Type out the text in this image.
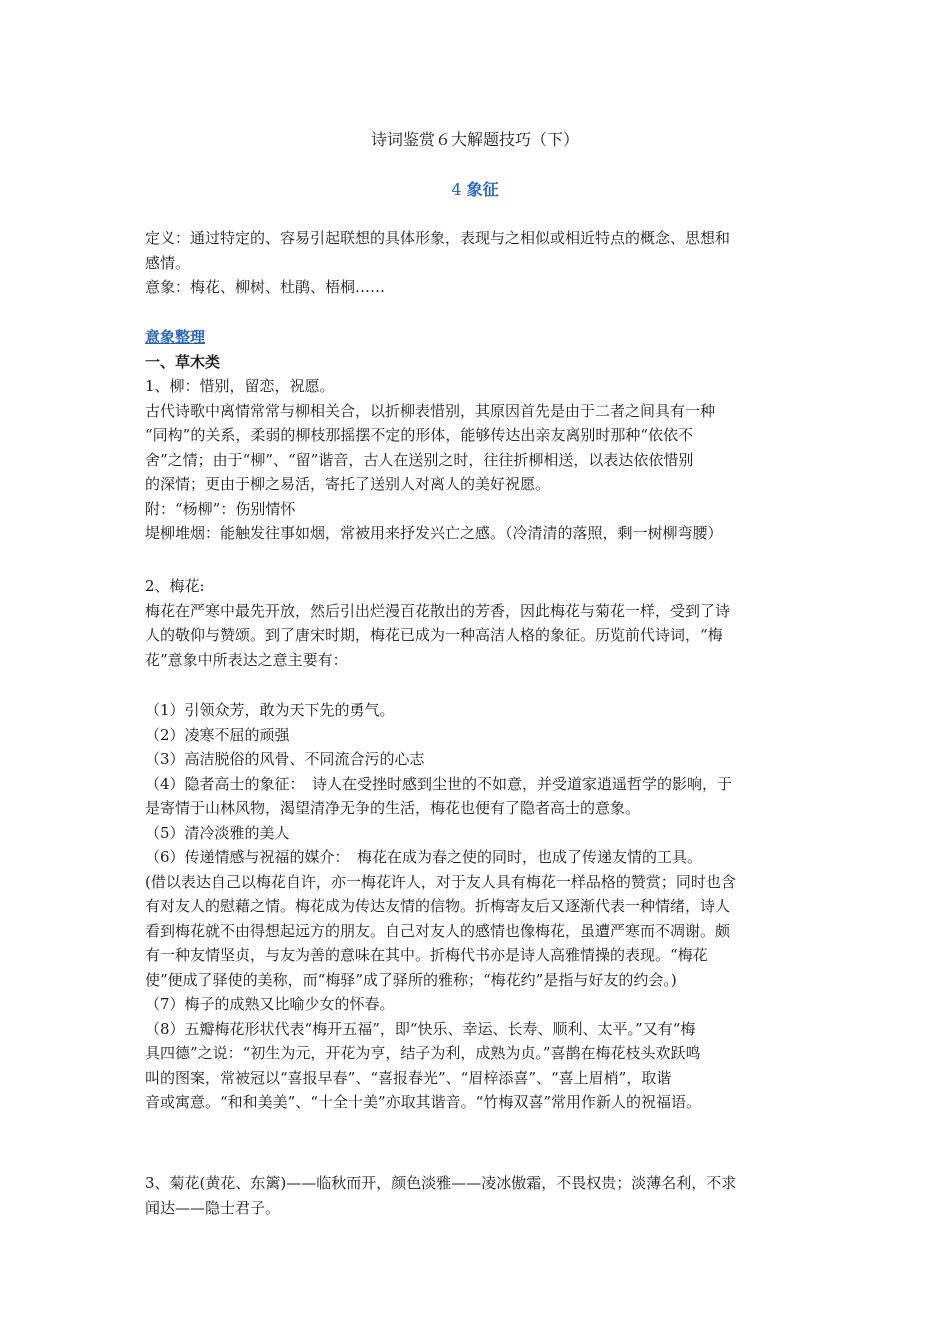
诗词鉴赏６大解题技巧（下）
4 象征

定义：通过特定的、容易引起联想的具体形象，表现与之相似或相近特点的概念、思想和

感情。

意象：梅花、柳树、杜鹃、梧桐……

意象整理

一、草木类

1、柳：惜别，留恋，祝愿。

古代诗歌中离情常常与柳相关合，以折柳表惜别，其原因首先是由于二者之间具有一种

“同构”的关系，柔弱的柳枝那摇摆不定的形体，能够传达出亲友离别时那种“依依不

舍”之情；由于“柳”、“留”谐音，古人在送别之时，往往折柳相送，以表达依依惜别

的深情；更由于柳之易活，寄托了送别人对离人的美好祝愿。

附：“杨柳”：伤别情怀

堤柳堆烟：能触发往事如烟，常被用来抒发兴亡之感。（冷清清的落照，剩一树柳弯腰）

2、梅花:

梅花在严寒中最先开放，然后引出烂漫百花散出的芳香，因此梅花与菊花一样，受到了诗

人的敬仰与赞颂。到了唐宋时期，梅花已成为一种高洁人格的象征。历览前代诗词，“梅

花”意象中所表达之意主要有：

（1）引领众芳，敢为天下先的勇气。

（2）凌寒不屈的顽强

（3）高洁脱俗的风骨、不同流合污的心志

（4）隐者高士的象征：　诗人在受挫时感到尘世的不如意，并受道家逍遥哲学的影响，于

是寄情于山林风物，渴望清净无争的生活，梅花也便有了隐者高士的意象。

（5）清冷淡雅的美人

（6）传递情感与祝福的媒介：　梅花在成为春之使的同时，也成了传递友情的工具。

(借以表达自己以梅花自许，亦一梅花许人，对于友人具有梅花一样品格的赞赏；同时也含

有对友人的慰藉之情。梅花成为传达友情的信物。折梅寄友后又逐渐代表一种情绪，诗人

看到梅花就不由得想起远方的朋友。自己对友人的感情也像梅花，虽遭严寒而不凋谢。颇

有一种友情坚贞，与友为善的意味在其中。折梅代书亦是诗人高雅情操的表现。“梅花

使”便成了驿使的美称，而“梅驿”成了驿所的雅称；“梅花约”是指与好友的约会。)

（7）梅子的成熟又比喻少女的怀春。

（8）五瓣梅花形状代表“梅开五福”，即“快乐、幸运、长寿、顺利、太平。”又有“梅

具四德”之说：“初生为元，开花为亨，结子为利，成熟为贞。”喜鹊在梅花枝头欢跃鸣

叫的图案，常被冠以“喜报早春”、“喜报春光”、“眉梓添喜”、“喜上眉梢”，取谐

音或寓意。“和和美美”、“十全十美”亦取其谐音。“竹梅双喜”常用作新人的祝福语。

3、菊花(黄花、东篱)——临秋而开，颜色淡雅——凌冰傲霜，不畏权贵；淡薄名利，不求

闻达——隐士君子。
